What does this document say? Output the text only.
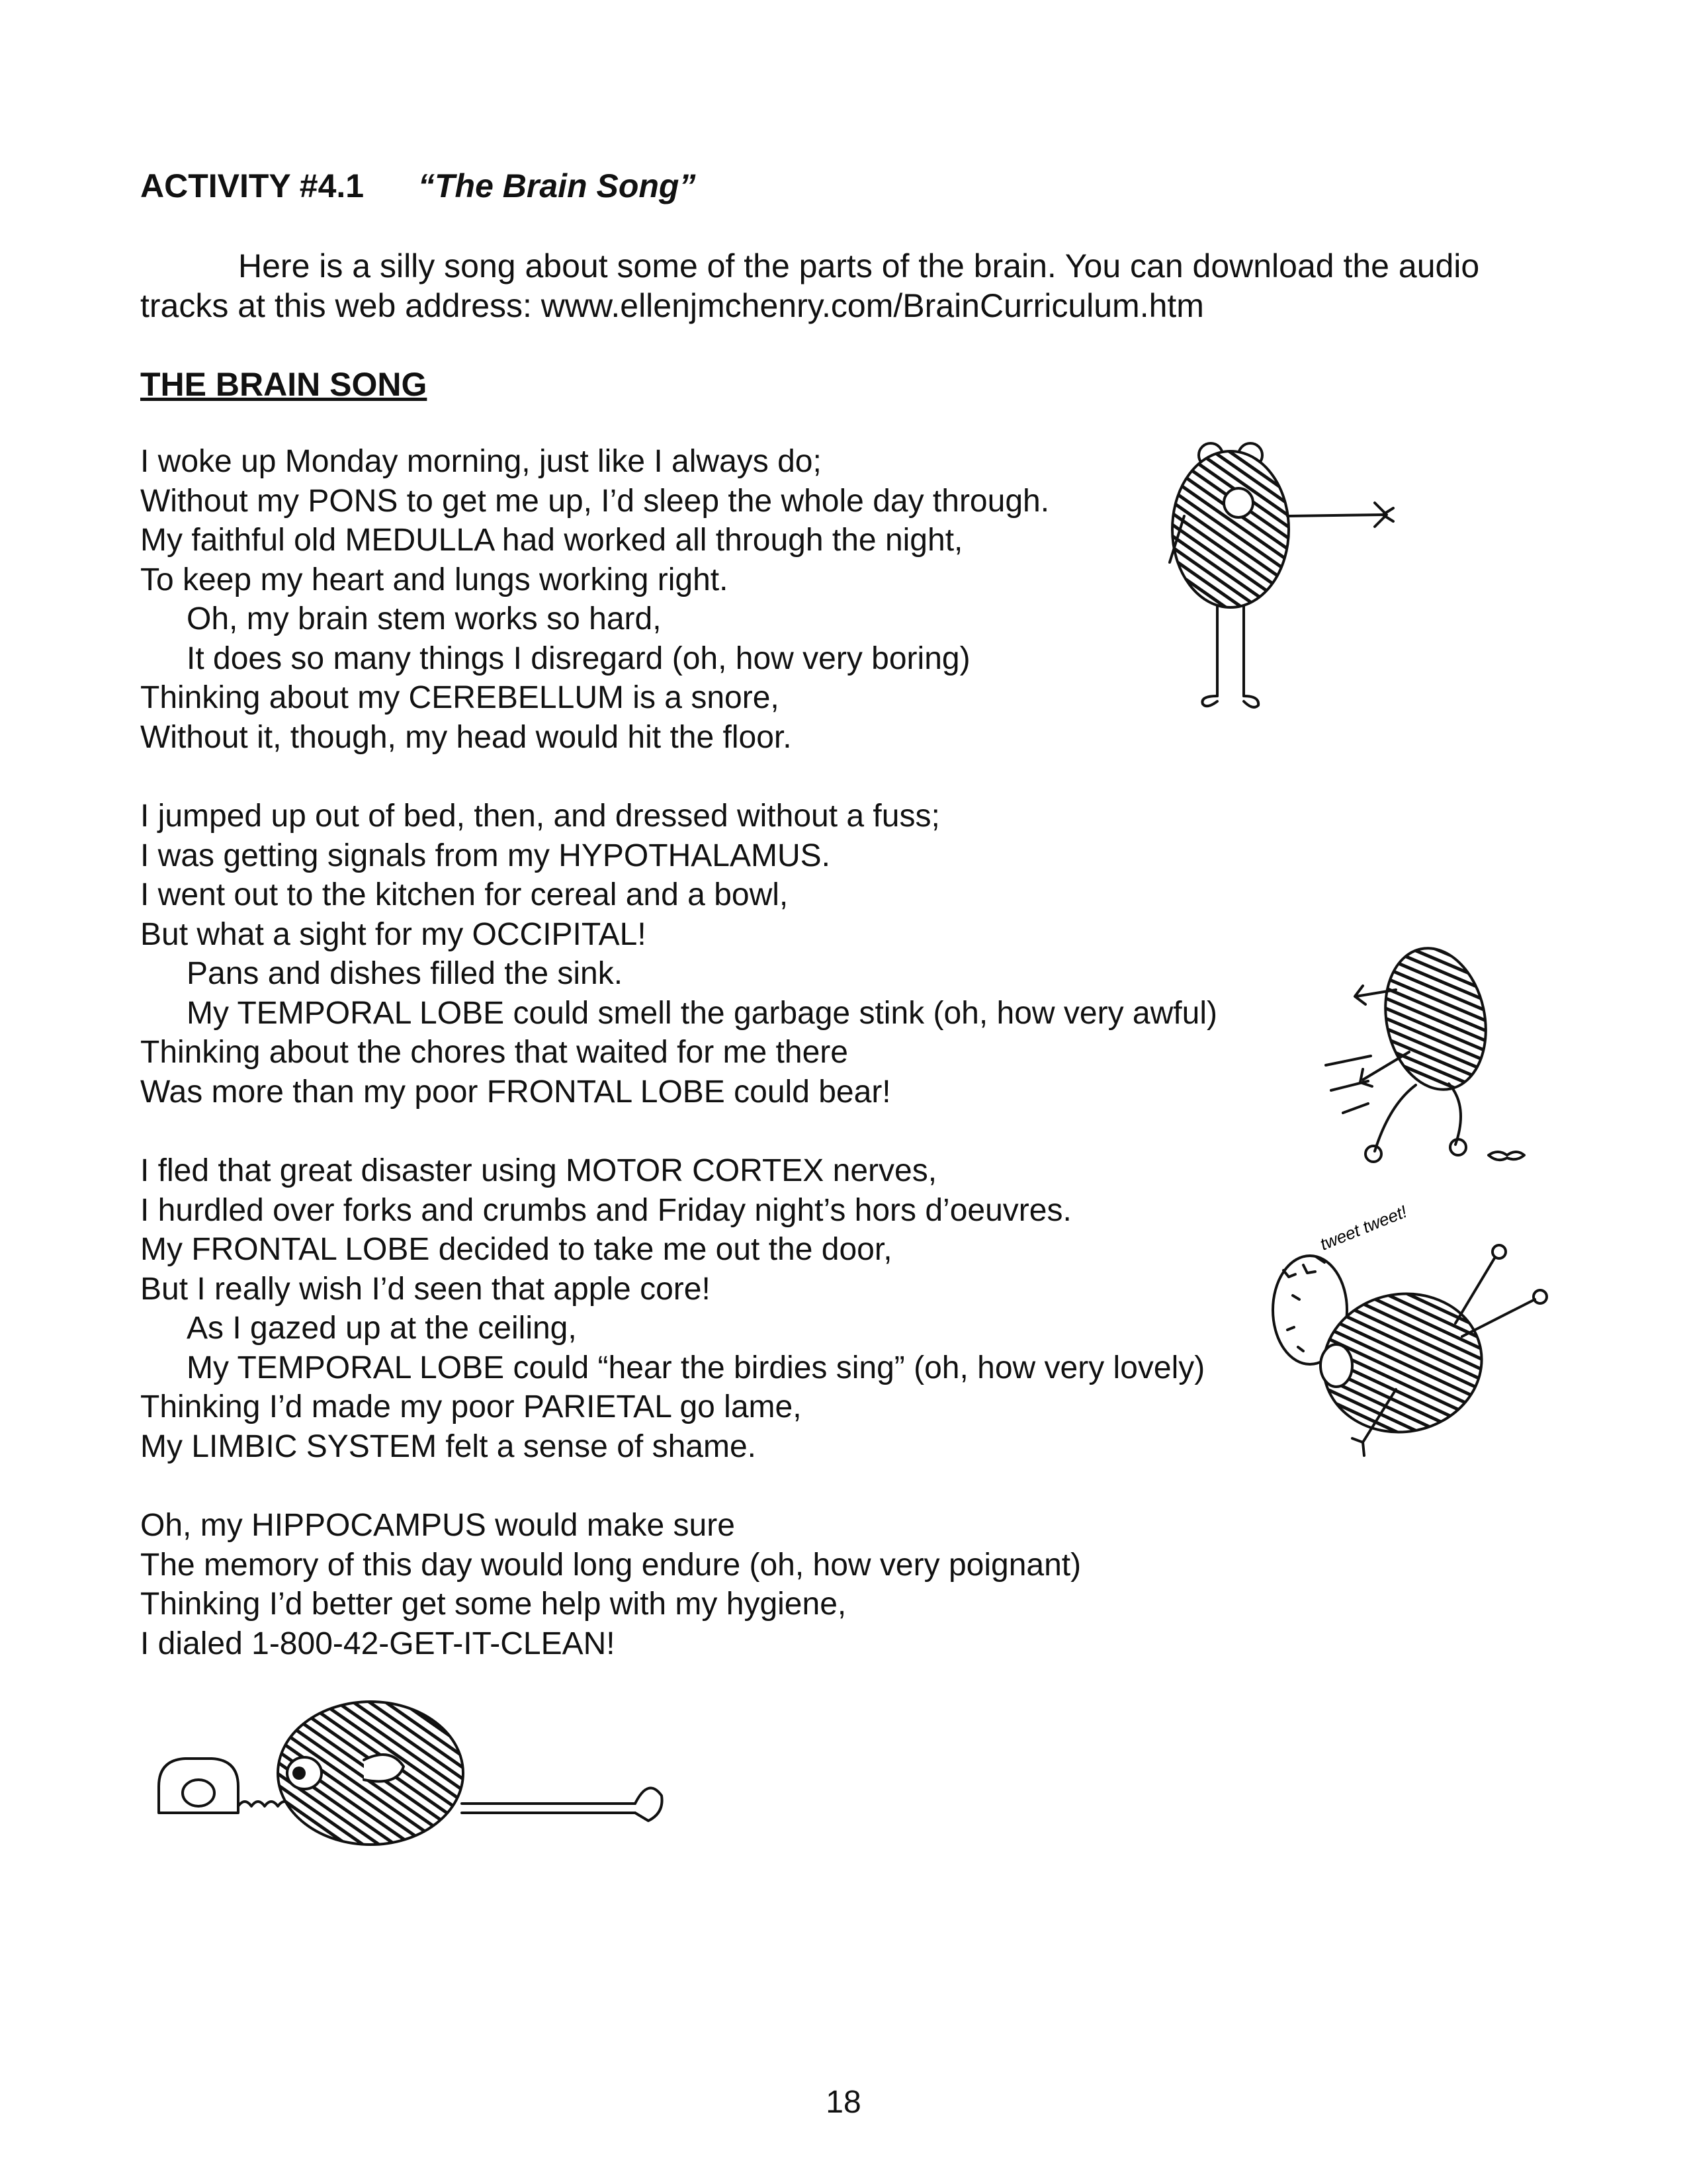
ACTIVITY #4.1 “The Brain Song”

Here is a silly song about some of the parts of the brain. You can download the audio

tracks at this web address: www.ellenjmchenry.com/BrainCurriculum.htm

THE BRAIN SONG
I woke up Monday morning, just like I always do;
Without my PONS to get me up, I’d sleep the whole day through.
My faithful old MEDULLA had worked all through the night,
To keep my heart and lungs working right.
Oh, my brain stem works so hard,
It does so many things I disregard (oh, how very boring)
Thinking about my CEREBELLUM is a snore,
Without it, though, my head would hit the floor.
I jumped up out of bed, then, and dressed without a fuss;
I was getting signals from my HYPOTHALAMUS.
I went out to the kitchen for cereal and a bowl,
But what a sight for my OCCIPITAL!
Pans and dishes filled the sink.
My TEMPORAL LOBE could smell the garbage stink (oh, how very awful)
Thinking about the chores that waited for me there
Was more than my poor FRONTAL LOBE could bear!
I fled that great disaster using MOTOR CORTEX nerves,
I hurdled over forks and crumbs and Friday night’s hors d’oeuvres.
My FRONTAL LOBE decided to take me out the door,
But I really wish I’d seen that apple core!
As I gazed up at the ceiling,
My TEMPORAL LOBE could “hear the birdies sing” (oh, how very lovely)
Thinking I’d made my poor PARIETAL go lame,
My LIMBIC SYSTEM felt a sense of shame.
Oh, my HIPPOCAMPUS would make sure
The memory of this day would long endure (oh, how very poignant)
Thinking I’d better get some help with my hygiene,
I dialed 1-800-42-GET-IT-CLEAN!
tweet tweet!
18
